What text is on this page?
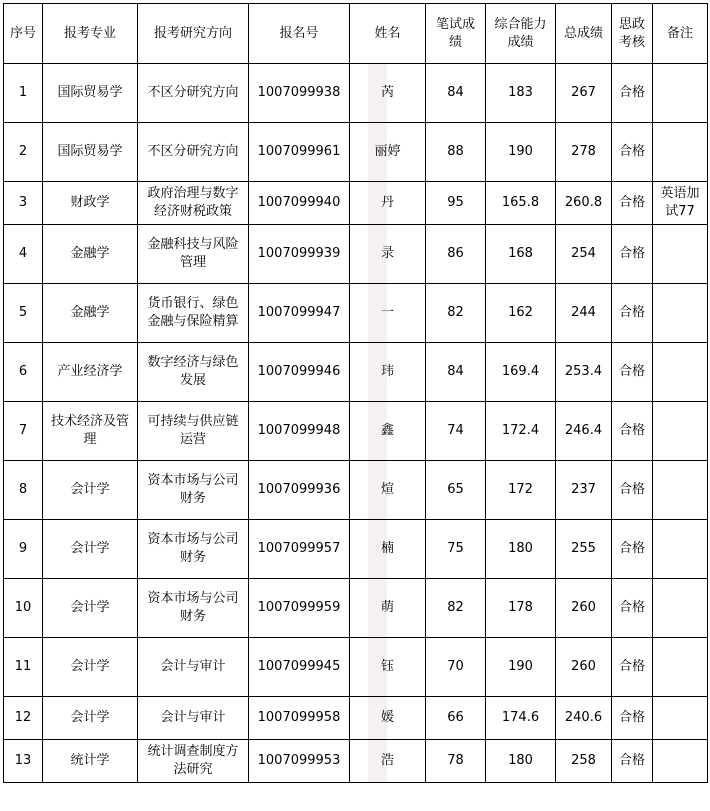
序号	报考专业	报考研究方向	报名号	姓名	笔试成绩	综合能力成绩	总成绩	思政考核	备注
1	国际贸易学	不区分研究方向	1007099938	芮	84	183	267	合格	
2	国际贸易学	不区分研究方向	1007099961	丽婷	88	190	278	合格	
3	财政学	政府治理与数字经济财税政策	1007099940	丹	95	165.8	260.8	合格	英语加试77
4	金融学	金融科技与风险管理	1007099939	录	86	168	254	合格	
5	金融学	货币银行、绿色金融与保险精算	1007099947	一	82	162	244	合格	
6	产业经济学	数字经济与绿色发展	1007099946	玮	84	169.4	253.4	合格	
7	技术经济及管理	可持续与供应链运营	1007099948	鑫	74	172.4	246.4	合格	
8	会计学	资本市场与公司财务	1007099936	煊	65	172	237	合格	
9	会计学	资本市场与公司财务	1007099957	楠	75	180	255	合格	
10	会计学	资本市场与公司财务	1007099959	萌	82	178	260	合格	
11	会计学	会计与审计	1007099945	钰	70	190	260	合格	
12	会计学	会计与审计	1007099958	媛	66	174.6	240.6	合格	
13	统计学	统计调查制度方法研究	1007099953	浩	78	180	258	合格	
